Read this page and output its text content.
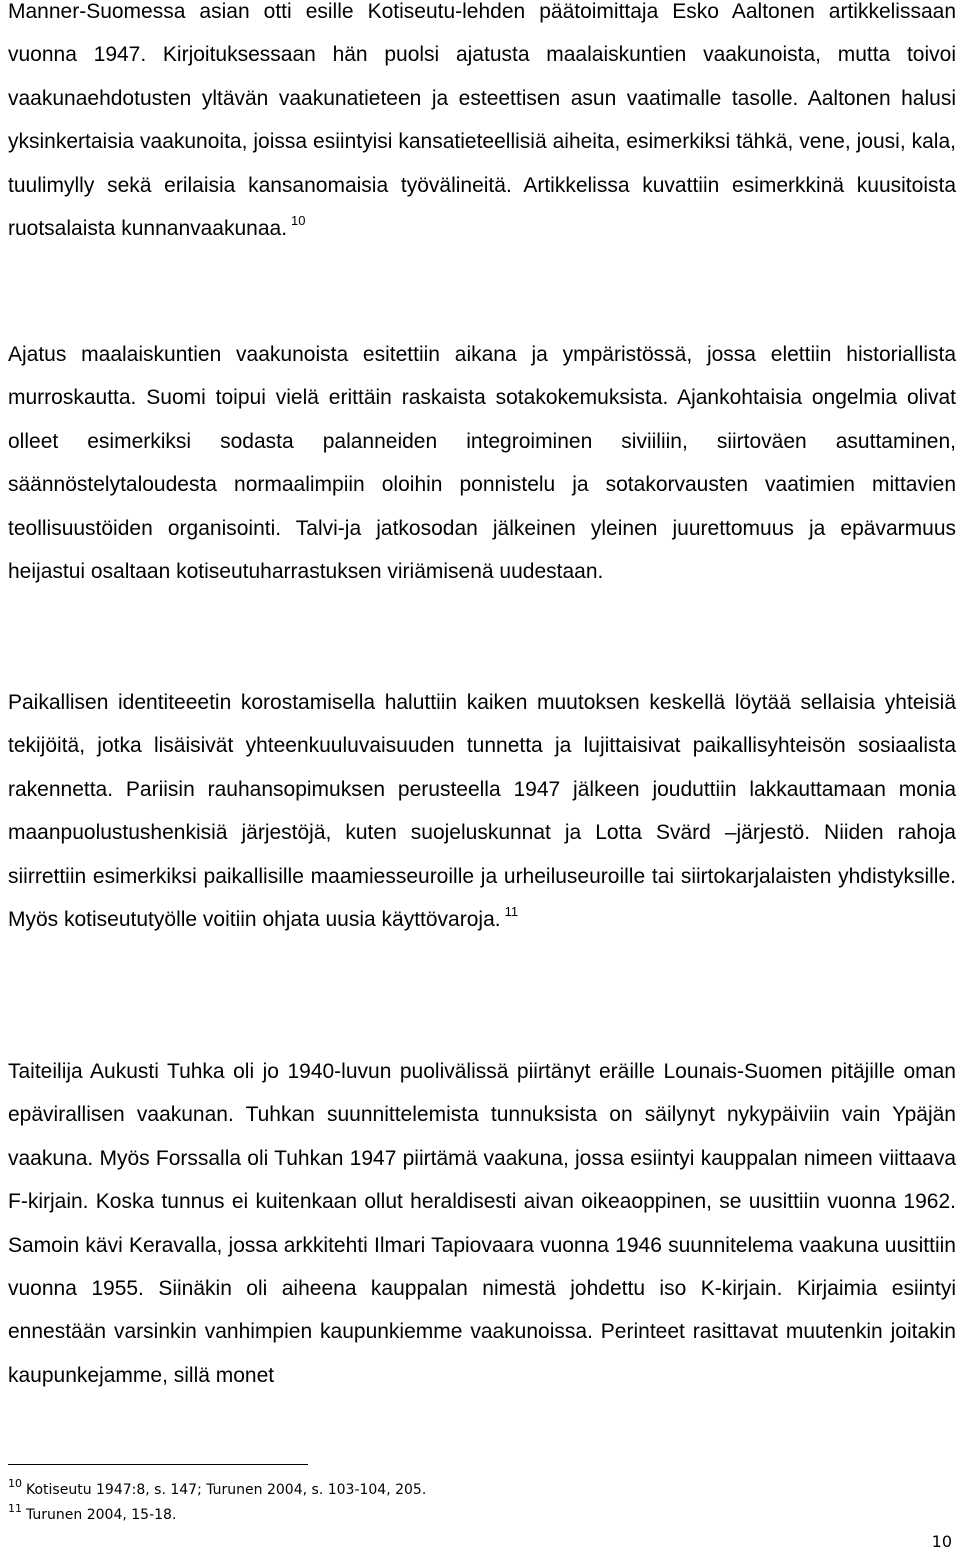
Manner-Suomessa asian otti esille Kotiseutu-lehden päätoimittaja Esko Aaltonen artikkelissaan vuonna 1947. Kirjoituksessaan hän puolsi ajatusta maalaiskuntien vaakunoista, mutta toivoi vaakunaehdotusten yltävän vaakunatieteen ja esteettisen asun vaatimalle tasolle. Aaltonen halusi yksinkertaisia vaakunoita, joissa esiintyisi kansatieteellisiä aiheita, esimerkiksi tähkä, vene, jousi, kala, tuulimylly sekä erilaisia kansanomaisia työvälineitä. Artikkelissa kuvattiin esimerkkinä kuusitoista ruotsalaista kunnanvaakunaa. $^{10}$

Ajatus maalaiskuntien vaakunoista esitettiin aikana ja ympäristössä, jossa elettiin historiallista murroskautta. Suomi toipui vielä erittäin raskaista sotakokemuksista. Ajankohtaisia ongelmia olivat olleet esimerkiksi sodasta palanneiden integroiminen siviiliin, siirtoväen asuttaminen, säännöstelytaloudesta normaalimpiin oloihin ponnistelu ja sotakorvausten vaatimien mittavien teollisuustöiden organisointi. Talvi-ja jatkosodan jälkeinen yleinen juurettomuus ja epävarmuus heijastui osaltaan kotiseutuharrastuksen viriämisenä uudestaan.

Paikallisen identiteeetin korostamisella haluttiin kaiken muutoksen keskellä löytää sellaisia yhteisiä tekijöitä, jotka lisäisivät yhteenkuuluvaisuuden tunnetta ja lujittaisivat paikallisyhteisön sosiaalista rakennetta. Pariisin rauhansopimuksen perusteella 1947 jälkeen jouduttiin lakkauttamaan monia maanpuolustushenkisiä järjestöjä, kuten suojeluskunnat ja Lotta Svärd –järjestö. Niiden rahoja siirrettiin esimerkiksi paikallisille maamiesseuroille ja urheiluseuroille tai siirtokarjalaisten yhdistyksille. Myös kotiseututyölle voitiin ohjata uusia käyttövaroja. $^{11}$

Taiteilija Aukusti Tuhka oli jo 1940-luvun puolivälissä piirtänyt eräille Lounais-Suomen pitäjille oman epävirallisen vaakunan. Tuhkan suunnittelemista tunnuksista on säilynyt nykypäiviin vain Ypäjän vaakuna. Myös Forssalla oli Tuhkan 1947 piirtämä vaakuna, jossa esiintyi kauppalan nimeen viittaava F-kirjain. Koska tunnus ei kuitenkaan ollut heraldisesti aivan oikeaoppinen, se uusittiin vuonna 1962. Samoin kävi Keravalla, jossa arkkitehti Ilmari Tapiovaara vuonna 1946 suunnitelema vaakuna uusittiin vuonna 1955. Siinäkin oli aiheena kauppalan nimestä johdettu iso K-kirjain. Kirjaimia esiintyi ennestään varsinkin vanhimpien kaupunkiemme vaakunoissa. Perinteet rasittavat muutenkin joitakin kaupunkejamme, sillä monet

$^{10}$ Kotiseutu 1947:8, s. 147; Turunen 2004, s. 103-104, 205.

$^{11}$ Turunen 2004, 15-18.

10
